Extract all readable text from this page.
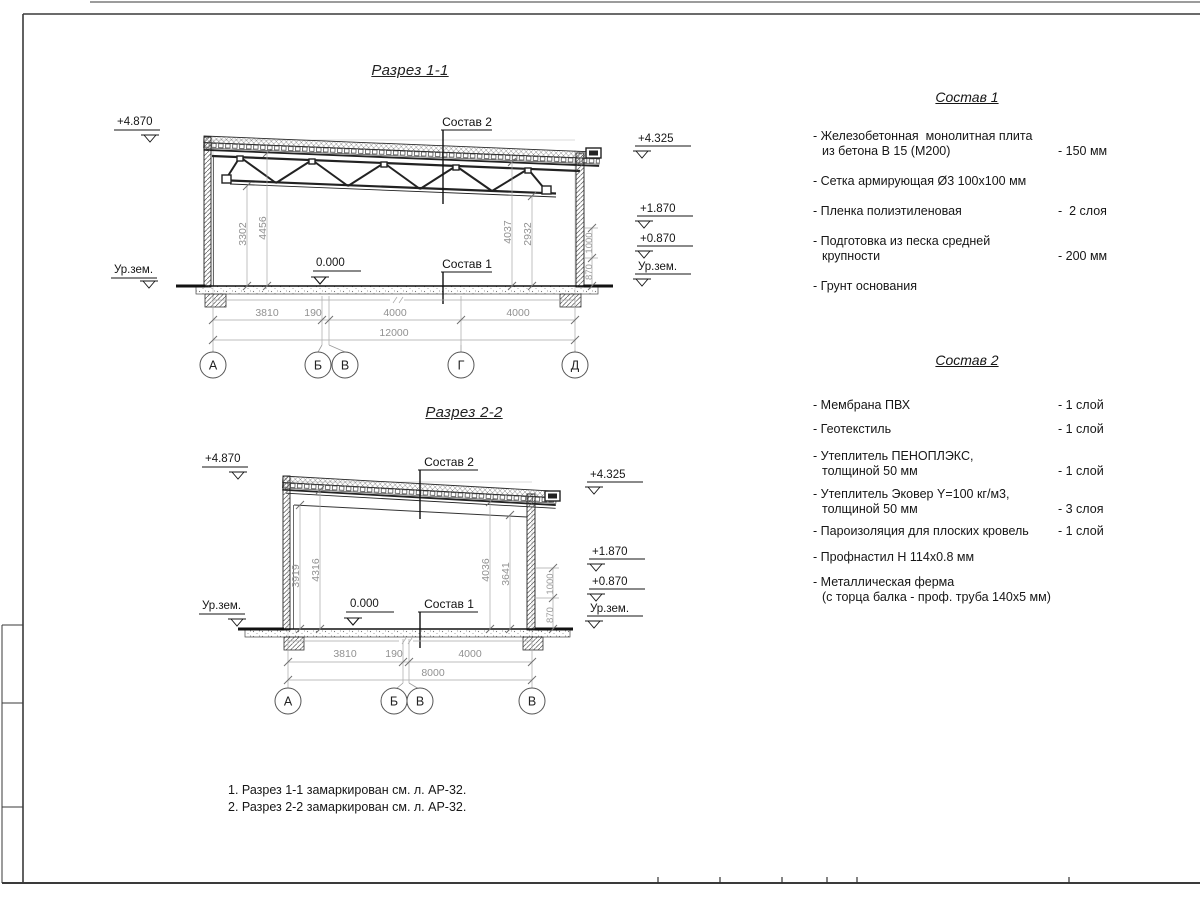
Состав 2
Состав 1
0.000
+4.870
Ур.зем.
+4.325
+1.870
+0.870
Ур.зем.
3302 4456	4037 2932	1000
870
3810 190	4000	4000
12000
А	Б В	Г	Д
Состав 2
Состав 1
0.000
+4.870
Ур.зем.
+4.325
+1.870
+0.870
Ур.зем.
3919 4316	4036 3641	1000
870
3810	190	4000
8000
А	Б В	В
Разрез 1-1
Разрез 2-2
Состав 1
Состав 2
- Железобетонная  монолитная плита
из бетона В 15 (М200)	- 150 мм
- Сетка армирующая Ø3 100x100 мм
- Пленка полиэтиленовая	-  2 слоя
- Подготовка из песка средней
крупности	- 200 мм
- Грунт основания
- Мембрана ПВХ	- 1 слой
- Геотекстиль	- 1 слой
- Утеплитель ПЕНОПЛЭКС,
толщиной 50 мм	- 1 слой
- Утеплитель Эковер Y=100 кг/м3,
толщиной 50 мм	- 3 слоя
- Пароизоляция для плоских кровель - 1 слой
- Профнастил Н 114х0.8 мм
- Металлическая ферма
(с торца балка - проф. труба 140х5 мм)
1. Разрез 1-1 замаркирован см. л. АР-32.
2. Разрез 2-2 замаркирован см. л. АР-32.
